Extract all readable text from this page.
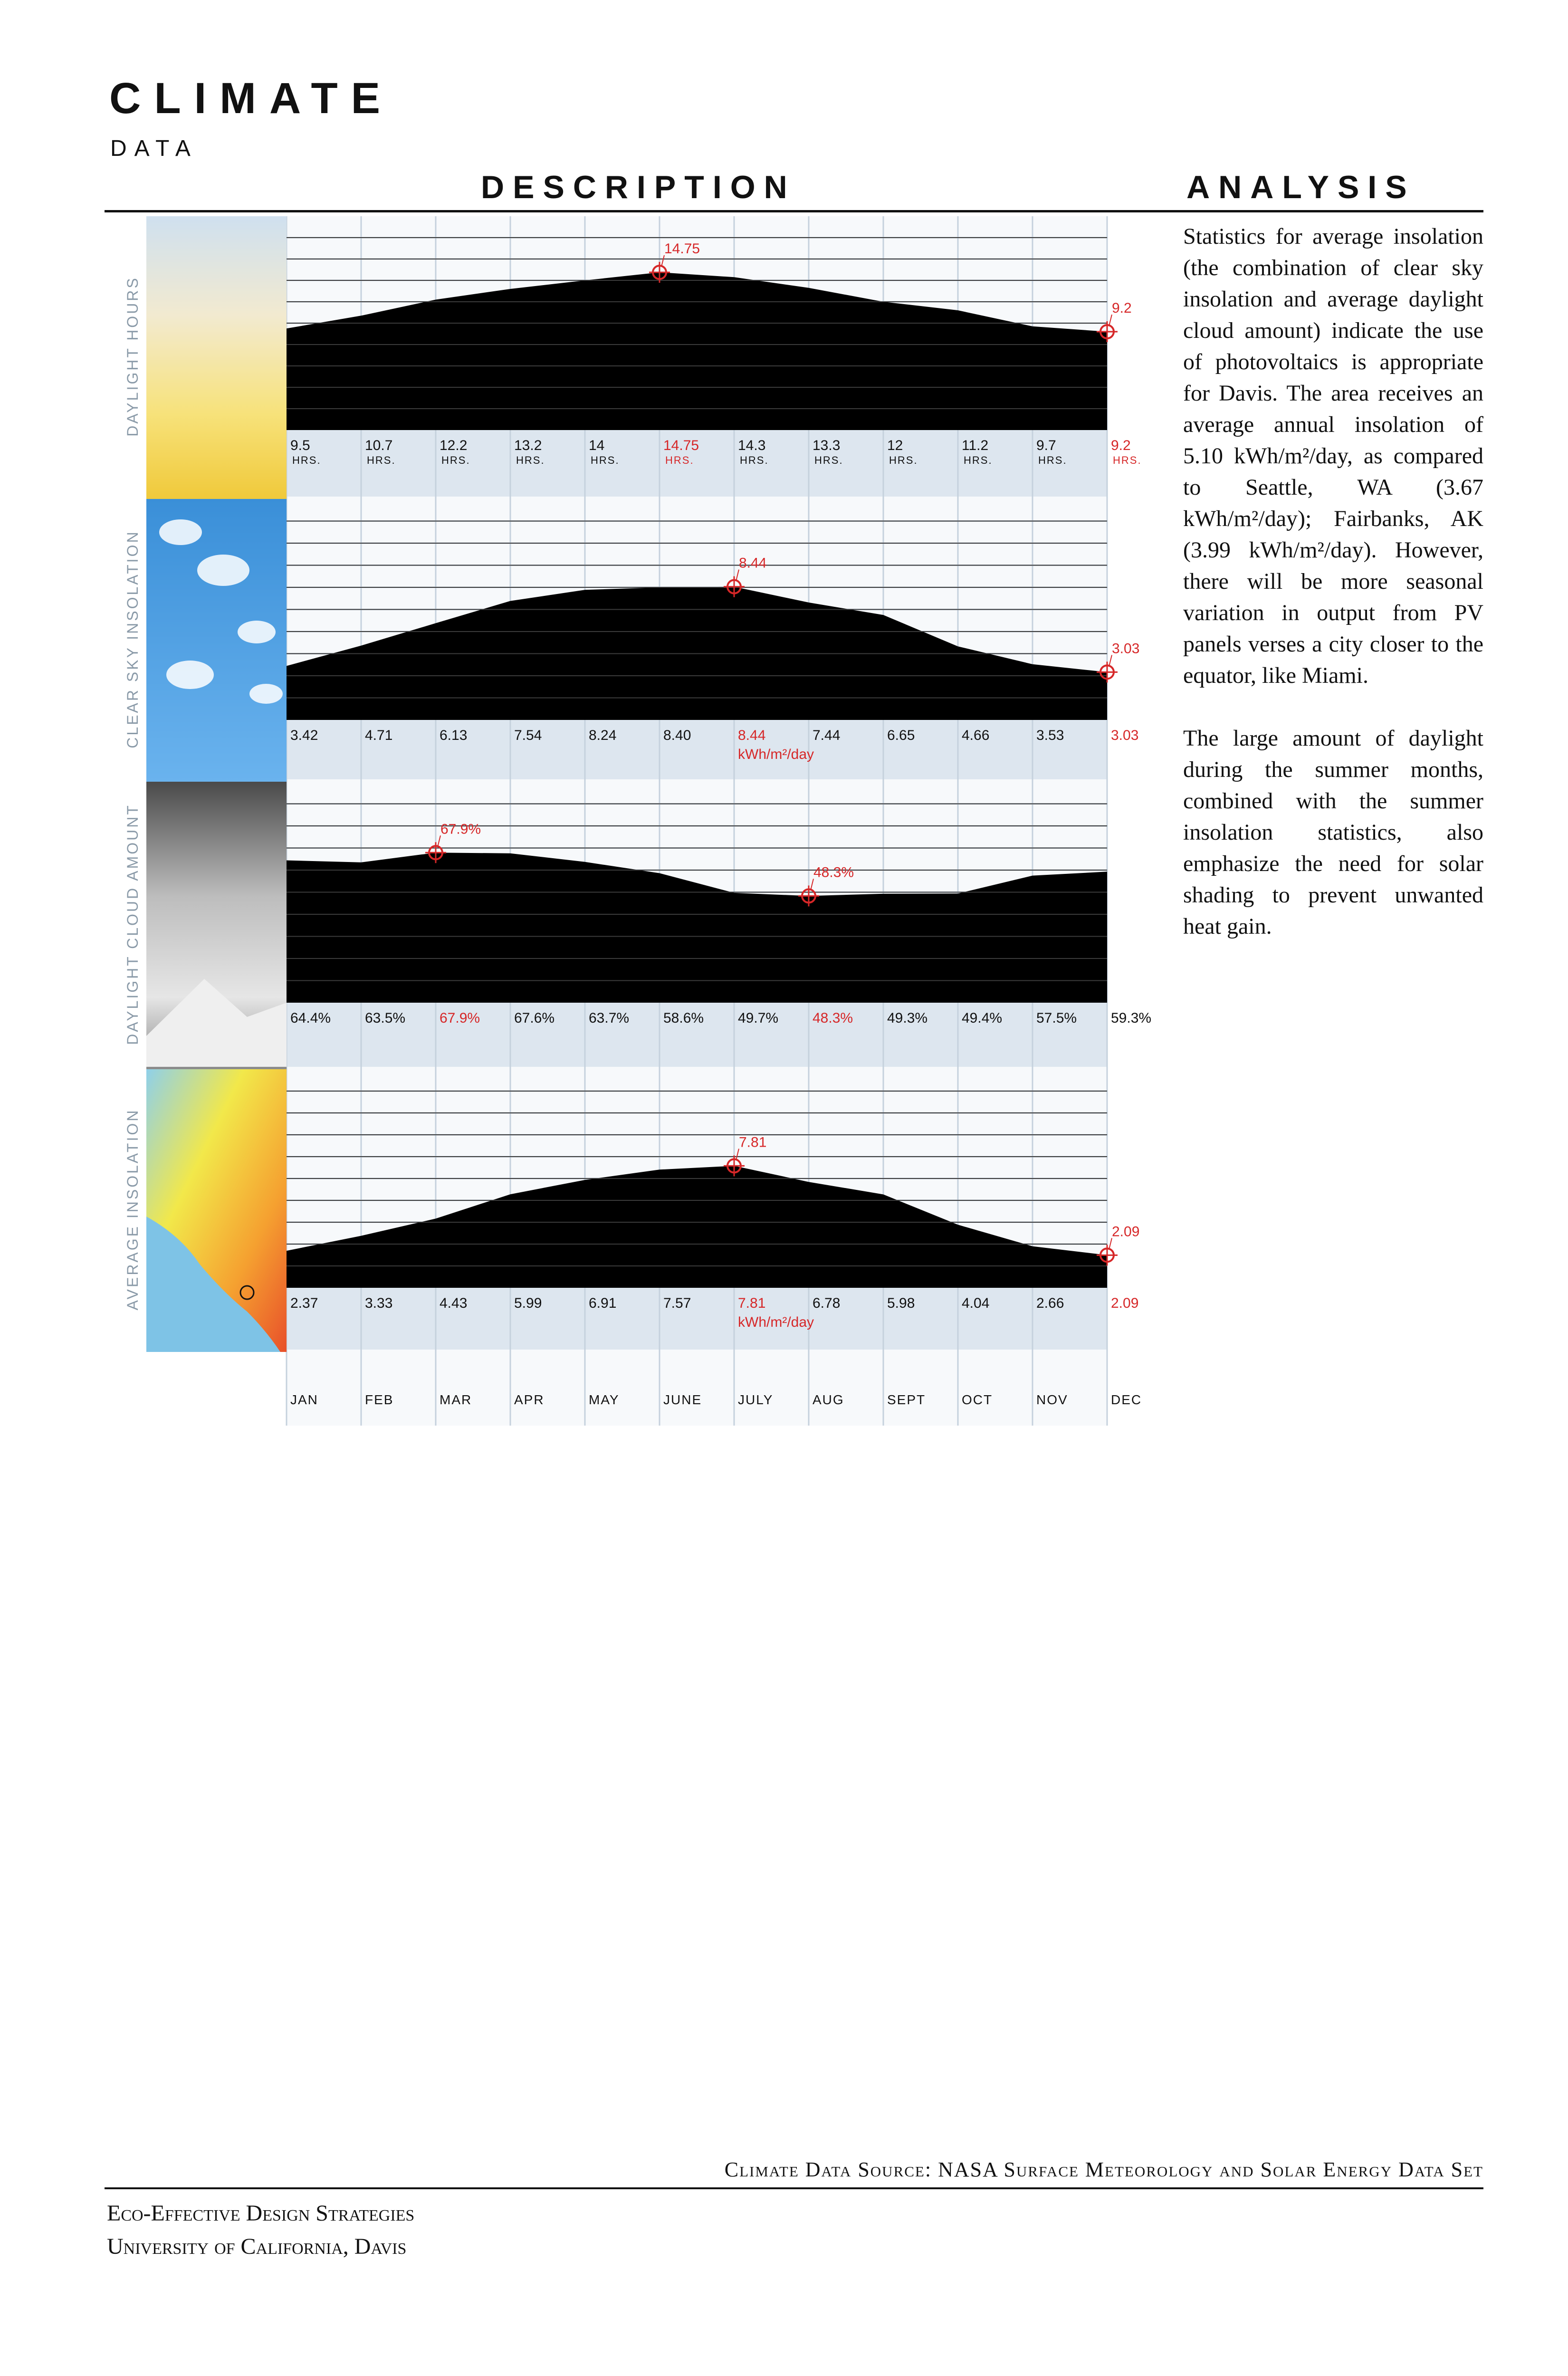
CLIMATE
DATA
DESCRIPTION	ANALYSIS
9.5
HRS.
10.7
HRS.
12.2
HRS.
13.2
HRS.
14
HRS.
14.75
HRS.
14.3
HRS.
13.3
HRS.
12
HRS.
11.2
HRS.
9.7
HRS.
9.2
HRS.
14.75
9.2
DAYLIGHT HOURS
3.42	4.71	6.13	7.54	8.24	8.40	8.44	7.44	6.65	4.66	3.53	3.03
kWh/m²/day
8.44
3.03
CLEAR SKY INSOLATION
64.4% 63.5% 67.9% 67.6% 63.7% 58.6% 49.7% 48.3% 49.3% 49.4% 57.5% 59.3%
67.9%
48.3%
DAYLIGHT CLOUD AMOUNT
2.37	3.33	4.43	5.99	6.91	7.57	7.81	6.78	5.98	4.04	2.66	2.09
kWh/m²/day
7.81
2.09
AVERAGE INSOLATION
JAN	FEB	MAR	APR	MAY	JUNE	JULY	AUG	SEPT	OCT	NOV	DEC

Statistics for average insolation (the combination of clear sky insolation and average daylight cloud amount) indicate the use of photovoltaics is appropriate for Davis. The area receives an average annual insolation of 5.10 kWh/m²/day, as compared to Seattle, WA (3.67 kWh/m²/day); Fairbanks, AK (3.99 kWh/m²/day). However, there will be more seasonal variation in output from PV panels verses a city closer to the equator, like Miami.

The large amount of daylight during the summer months, combined with the summer insolation statistics, also emphasize the need for solar shading to prevent unwanted heat gain.

Climate Data Source: NASA Surface Meteorology and Solar Energy Data Set
Eco-Effective Design Strategies
University of California, Davis
